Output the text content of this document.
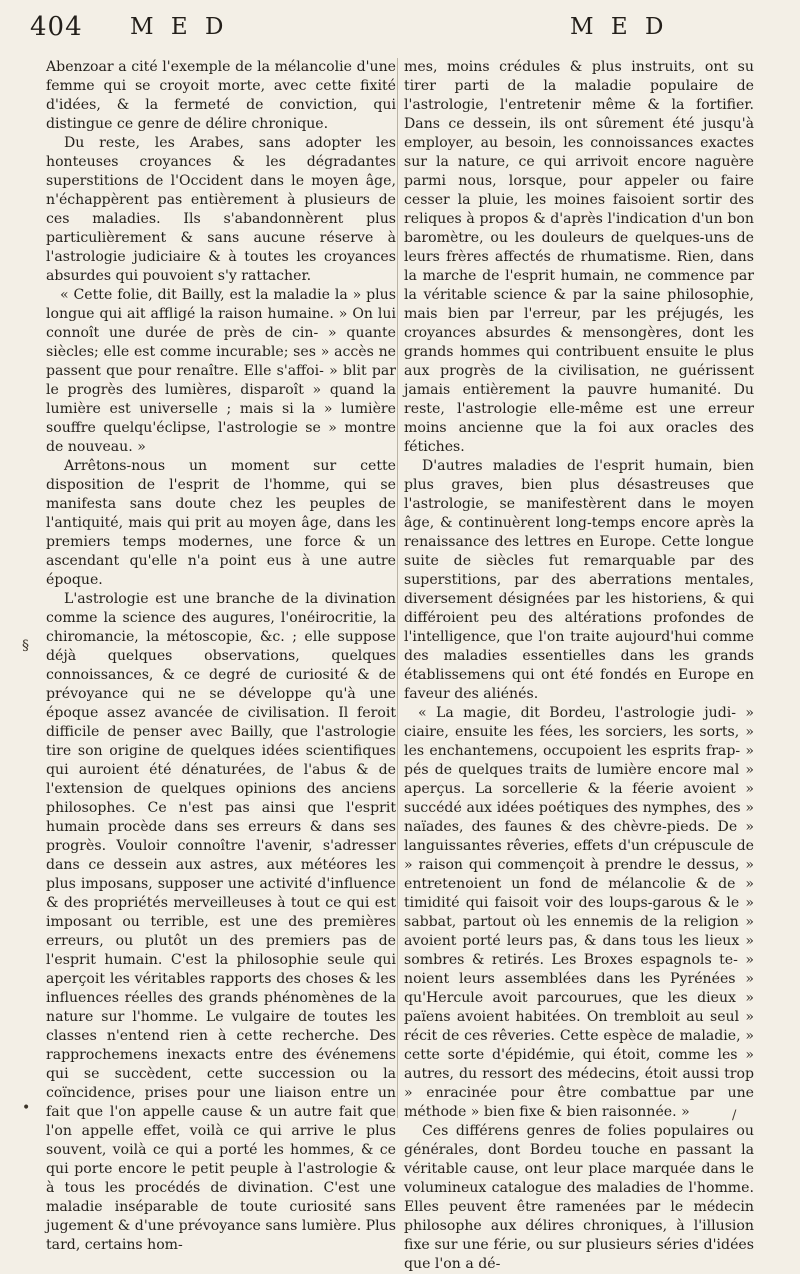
404 M E D	M E D
§
•	/

Abenzoar a cité l'exemple de la mélancolie d'une femme qui se croyoit morte, avec cette fixité d'idées, & la fermeté de conviction, qui distingue ce genre de délire chronique.

Du reste, les Arabes, sans adopter les honteuses croyances & les dégradantes superstitions de l'Occident dans le moyen âge, n'échappèrent pas entièrement à plusieurs de ces maladies. Ils s'abandonnèrent plus particulièrement & sans aucune réserve à l'astrologie judiciaire & à toutes les croyances absurdes qui pouvoient s'y rattacher.

« Cette folie, dit Bailly, est la maladie la » plus longue qui ait affligé la raison humaine. » On lui connoît une durée de près de cin- » quante siècles; elle est comme incurable; ses » accès ne passent que pour renaître. Elle s'affoi- » blit par le progrès des lumières, disparoît » quand la lumière est universelle ; mais si la » lumière souffre quelqu'éclipse, l'astrologie se » montre de nouveau. »

Arrêtons-nous un moment sur cette disposition de l'esprit de l'homme, qui se manifesta sans doute chez les peuples de l'antiquité, mais qui prit au moyen âge, dans les premiers temps modernes, une force & un ascendant qu'elle n'a point eus à une autre époque.

L'astrologie est une branche de la divination comme la science des augures, l'onéirocritie, la chiromancie, la métoscopie, &c. ; elle suppose déjà quelques observations, quelques connoissances, & ce degré de curiosité & de prévoyance qui ne se développe qu'à une époque assez avancée de civilisation. Il feroit difficile de penser avec Bailly, que l'astrologie tire son origine de quelques idées scientifiques qui auroient été dénaturées, de l'abus & de l'extension de quelques opinions des anciens philosophes. Ce n'est pas ainsi que l'esprit humain procède dans ses erreurs & dans ses progrès. Vouloir connoître l'avenir, s'adresser dans ce dessein aux astres, aux météores les plus imposans, supposer une activité d'influence & des propriétés merveilleuses à tout ce qui est imposant ou terrible, est une des premières erreurs, ou plutôt un des premiers pas de l'esprit humain. C'est la philosophie seule qui aperçoit les véritables rapports des choses & les influences réelles des grands phénomènes de la nature sur l'homme. Le vulgaire de toutes les classes n'entend rien à cette recherche. Des rapprochemens inexacts entre des événemens qui se succèdent, cette succession ou la coïncidence, prises pour une liaison entre un fait que l'on appelle cause & un autre fait que l'on appelle effet, voilà ce qui arrive le plus souvent, voilà ce qui a porté les hommes, & ce qui porte encore le petit peuple à l'astrologie & à tous les procédés de divination. C'est une maladie inséparable de toute curiosité sans jugement & d'une prévoyance sans lumière. Plus tard, certains hom-

mes, moins crédules & plus instruits, ont su tirer parti de la maladie populaire de l'astrologie, l'entretenir même & la fortifier. Dans ce dessein, ils ont sûrement été jusqu'à employer, au besoin, les connoissances exactes sur la nature, ce qui arrivoit encore naguère parmi nous, lorsque, pour appeler ou faire cesser la pluie, les moines faisoient sortir des reliques à propos & d'après l'indication d'un bon baromètre, ou les douleurs de quelques-uns de leurs frères affectés de rhumatisme. Rien, dans la marche de l'esprit humain, ne commence par la véritable science & par la saine philosophie, mais bien par l'erreur, par les préjugés, les croyances absurdes & mensongères, dont les grands hommes qui contribuent ensuite le plus aux progrès de la civilisation, ne guérissent jamais entièrement la pauvre humanité. Du reste, l'astrologie elle-même est une erreur moins ancienne que la foi aux oracles des fétiches.

D'autres maladies de l'esprit humain, bien plus graves, bien plus désastreuses que l'astrologie, se manifestèrent dans le moyen âge, & continuèrent long-temps encore après la renaissance des lettres en Europe. Cette longue suite de siècles fut remarquable par des superstitions, par des aberrations mentales, diversement désignées par les historiens, & qui différoient peu des altérations profondes de l'intelligence, que l'on traite aujourd'hui comme des maladies essentielles dans les grands établissemens qui ont été fondés en Europe en faveur des aliénés.

« La magie, dit Bordeu, l'astrologie judi- » ciaire, ensuite les fées, les sorciers, les sorts, » les enchantemens, occupoient les esprits frap- » pés de quelques traits de lumière encore mal » aperçus. La sorcellerie & la féerie avoient » succédé aux idées poétiques des nymphes, des » naïades, des faunes & des chèvre-pieds. De » languissantes rêveries, effets d'un crépuscule de » raison qui commençoit à prendre le dessus, » entretenoient un fond de mélancolie & de » timidité qui faisoit voir des loups-garous & le » sabbat, partout où les ennemis de la religion » avoient porté leurs pas, & dans tous les lieux » sombres & retirés. Les Broxes espagnols te- » noient leurs assemblées dans les Pyrénées » qu'Hercule avoit parcourues, que les dieux » païens avoient habitées. On trembloit au seul » récit de ces rêveries. Cette espèce de maladie, » cette sorte d'épidémie, qui étoit, comme les » autres, du ressort des médecins, étoit aussi trop » enracinée pour être combattue par une méthode » bien fixe & bien raisonnée. »

Ces différens genres de folies populaires ou générales, dont Bordeu touche en passant la véritable cause, ont leur place marquée dans le volumineux catalogue des maladies de l'homme. Elles peuvent être ramenées par le médecin philosophe aux délires chroniques, à l'illusion fixe sur une férie, ou sur plusieurs séries d'idées que l'on a dé-
